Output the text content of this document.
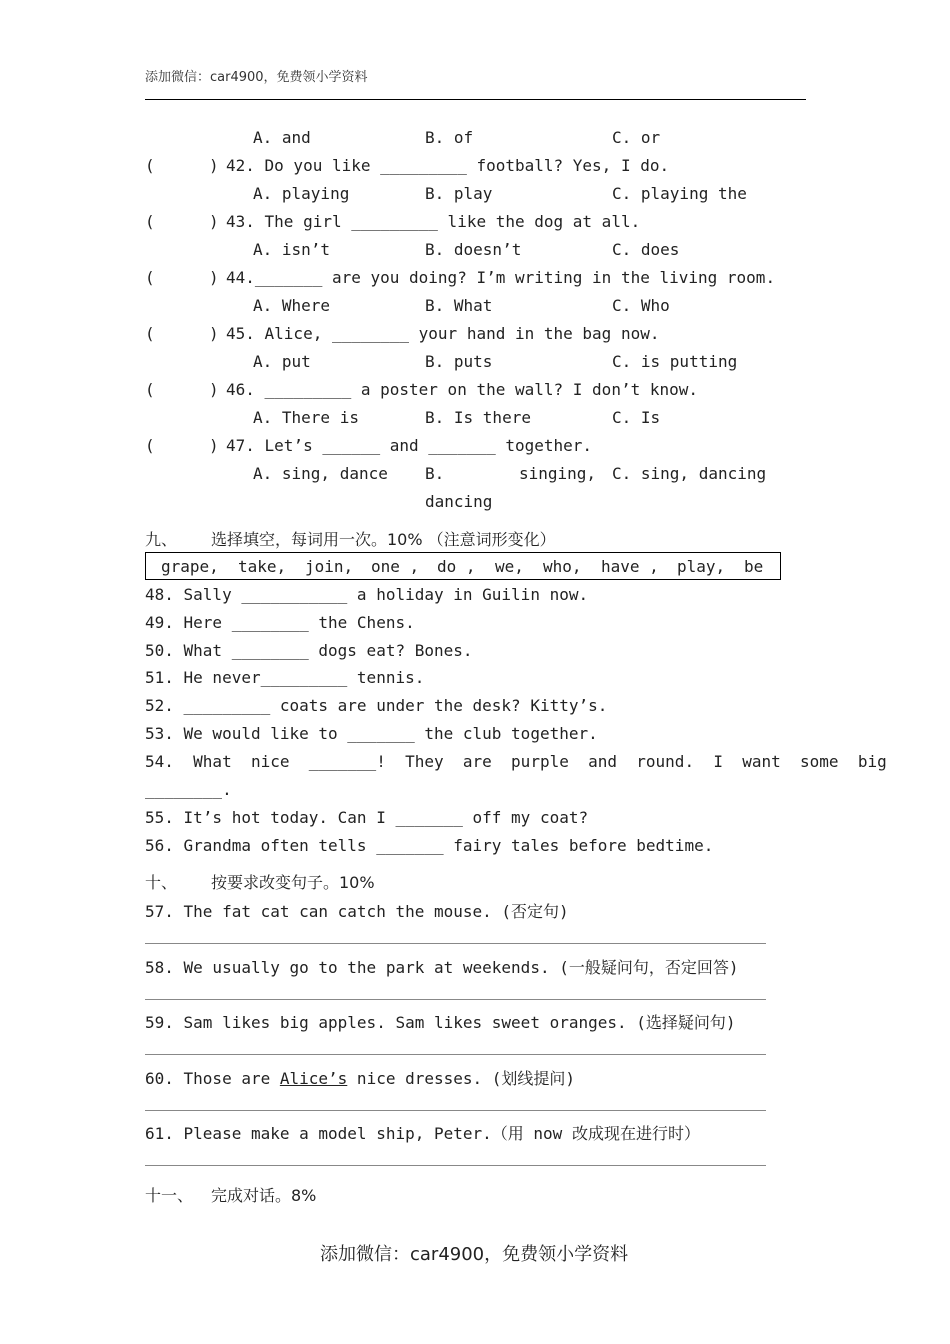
添加微信：car4900，免费领小学资料
A. and	B. of	C. or
(	) 42. Do you like _________ football? Yes, I do.
A. playing	B. play	C. playing the
(	) 43. The girl _________ like the dog at all.
A. isn’t	B. doesn’t	C. does
(	) 44._______ are you doing? I’m writing in the living room.
A. Where	B. What	C. Who
(	) 45. Alice, ________ your hand in the bag now.
A. put	B. puts	C. is putting
(	) 46. _________ a poster on the wall? I don’t know.
A. There is	B. Is there	C. Is
(	) 47. Let’s ______ and _______ together.
A. sing, dance B.	singing, C. sing, dancing
dancing
九、 选择填空，每词用一次。10% （注意词形变化）
grape, take, join, one , do , we, who, have , play, be
48. Sally ___________ a holiday in Guilin now.
49. Here ________ the Chens.
50. What ________ dogs eat? Bones.
51. He never_________ tennis.
52. _________ coats are under the desk? Kitty’s.
53. We would like to _______ the club together.
54.  What  nice  _______!  They  are  purple  and  round.  I  want  some  big
________.
55. It’s hot today. Can I _______ off my coat?
56. Grandma often tells _______ fairy tales before bedtime.
十、 按要求改变句子。10%
57. The fat cat can catch the mouse. (否定句)
58. We usually go to the park at weekends. (一般疑问句，否定回答)
59. Sam likes big apples. Sam likes sweet oranges. (选择疑问句)
60. Those are Alice’s nice dresses. (划线提问)
61. Please make a model ship, Peter.（用 now 改成现在进行时）
十一、 完成对话。8%
添加微信：car4900，免费领小学资料
